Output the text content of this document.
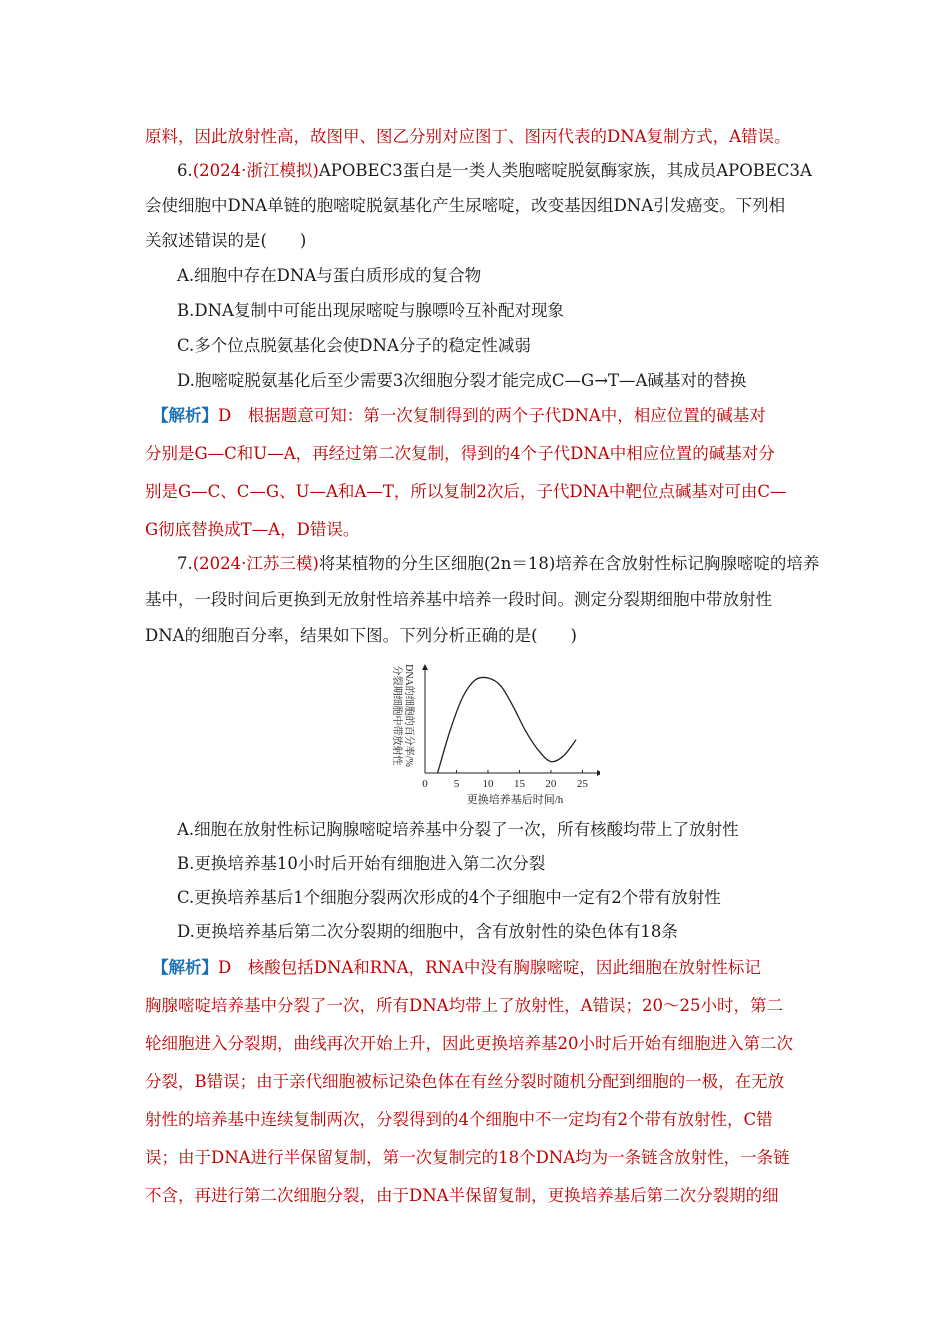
原料，因此放射性高，故图甲、图乙分别对应图丁、图丙代表的DNA复制方式，A错误。
6.(2024·浙江模拟)APOBEC3蛋白是一类人类胞嘧啶脱氨酶家族，其成员APOBEC3A
会使细胞中DNA单链的胞嘧啶脱氨基化产生尿嘧啶，改变基因组DNA引发癌变。下列相
关叙述错误的是(　　)
A.细胞中存在DNA与蛋白质形成的复合物
B.DNA复制中可能出现尿嘧啶与腺嘌呤互补配对现象
C.多个位点脱氨基化会使DNA分子的稳定性减弱
D.胞嘧啶脱氨基化后至少需要3次细胞分裂才能完成C—G→T—A碱基对的替换
【解析】D　根据题意可知：第一次复制得到的两个子代DNA中，相应位置的碱基对
分别是G—C和U—A，再经过第二次复制，得到的4个子代DNA中相应位置的碱基对分
别是G—C、C—G、U—A和A—T，所以复制2次后，子代DNA中靶位点碱基对可由C—
G彻底替换成T—A，D错误。
7.(2024·江苏三模)将某植物的分生区细胞(2n＝18)培养在含放射性标记胸腺嘧啶的培养
基中，一段时间后更换到无放射性培养基中培养一段时间。测定分裂期细胞中带放射性
DNA的细胞百分率，结果如下图。下列分析正确的是(　　)
0 5 10 15 20 25
更换培养基后时间/h
分裂期细胞中带放射性 DNA的细胞的百分率/%
A.细胞在放射性标记胸腺嘧啶培养基中分裂了一次，所有核酸均带上了放射性
B.更换培养基10小时后开始有细胞进入第二次分裂
C.更换培养基后1个细胞分裂两次形成的4个子细胞中一定有2个带有放射性
D.更换培养基后第二次分裂期的细胞中，含有放射性的染色体有18条
【解析】D　核酸包括DNA和RNA，RNA中没有胸腺嘧啶，因此细胞在放射性标记
胸腺嘧啶培养基中分裂了一次，所有DNA均带上了放射性，A错误；20～25小时，第二
轮细胞进入分裂期，曲线再次开始上升，因此更换培养基20小时后开始有细胞进入第二次
分裂，B错误；由于亲代细胞被标记染色体在有丝分裂时随机分配到细胞的一极，在无放
射性的培养基中连续复制两次，分裂得到的4个细胞中不一定均有2个带有放射性，C错
误；由于DNA进行半保留复制，第一次复制完的18个DNA均为一条链含放射性，一条链
不含，再进行第二次细胞分裂，由于DNA半保留复制，更换培养基后第二次分裂期的细
